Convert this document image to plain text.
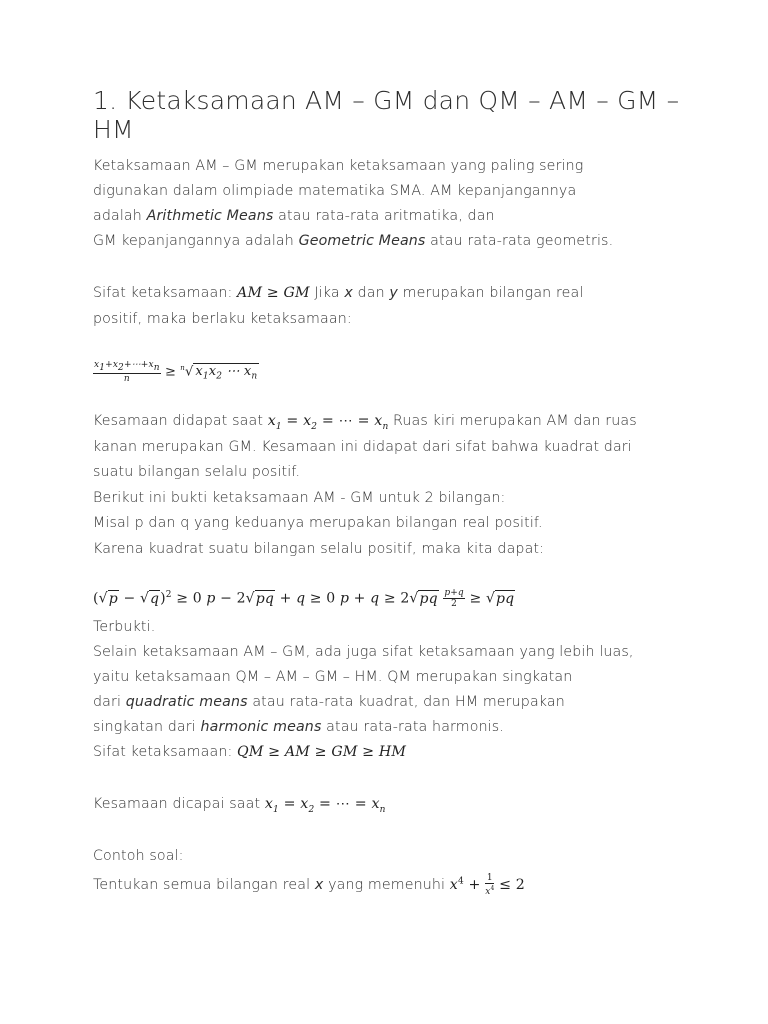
1. Ketaksamaan AM – GM dan QM – AM – GM – HM
Ketaksamaan AM – GM merupakan ketaksamaan yang paling sering
digunakan dalam olimpiade matematika SMA. AM kepanjangannya
adalah Arithmetic Means atau rata-rata aritmatika, dan
GM kepanjangannya adalah Geometric Means atau rata-rata geometris.
Sifat ketaksamaan: AM ≥ GM Jika x dan y merupakan bilangan real
positif, maka berlaku ketaksamaan:
$\frac{x_1+x_2+\cdots+x_n}{n} \ge ^n√$ $x_1x_2$ ⋯ $x_n$
Kesamaan didapat saat $x_1 = x_2$ = ⋯ = $x_n$ Ruas kiri merupakan AM dan ruas
kanan merupakan GM. Kesamaan ini didapat dari sifat bahwa kuadrat dari
suatu bilangan selalu positif.
Berikut ini bukti ketaksamaan AM - GM untuk 2 bilangan:
Misal p dan q yang keduanya merupakan bilangan real positif.
Karena kuadrat suatu bilangan selalu positif, maka kita dapat:
$(√p - √q)^2 \ge 0$ p − 2√pq + q ≥ 0 $p + q \ge 2√pq \frac{p+q}{2} \ge √pq$
Terbukti.
Selain ketaksamaan AM – GM, ada juga sifat ketaksamaan yang lebih luas,
yaitu ketaksamaan QM – AM – GM – HM. QM merupakan singkatan
dari quadratic means atau rata-rata kuadrat, dan HM merupakan
singkatan dari harmonic means atau rata-rata harmonis.
Sifat ketaksamaan: QM ≥ AM ≥ GM ≥ HM
Kesamaan dicapai saat $x_1 = x_2$ = ⋯ = $x_n$
Contoh soal:
Tentukan semua bilangan real x yang memenuhi $x^4 + \frac{1}{x^4} \le 2$
